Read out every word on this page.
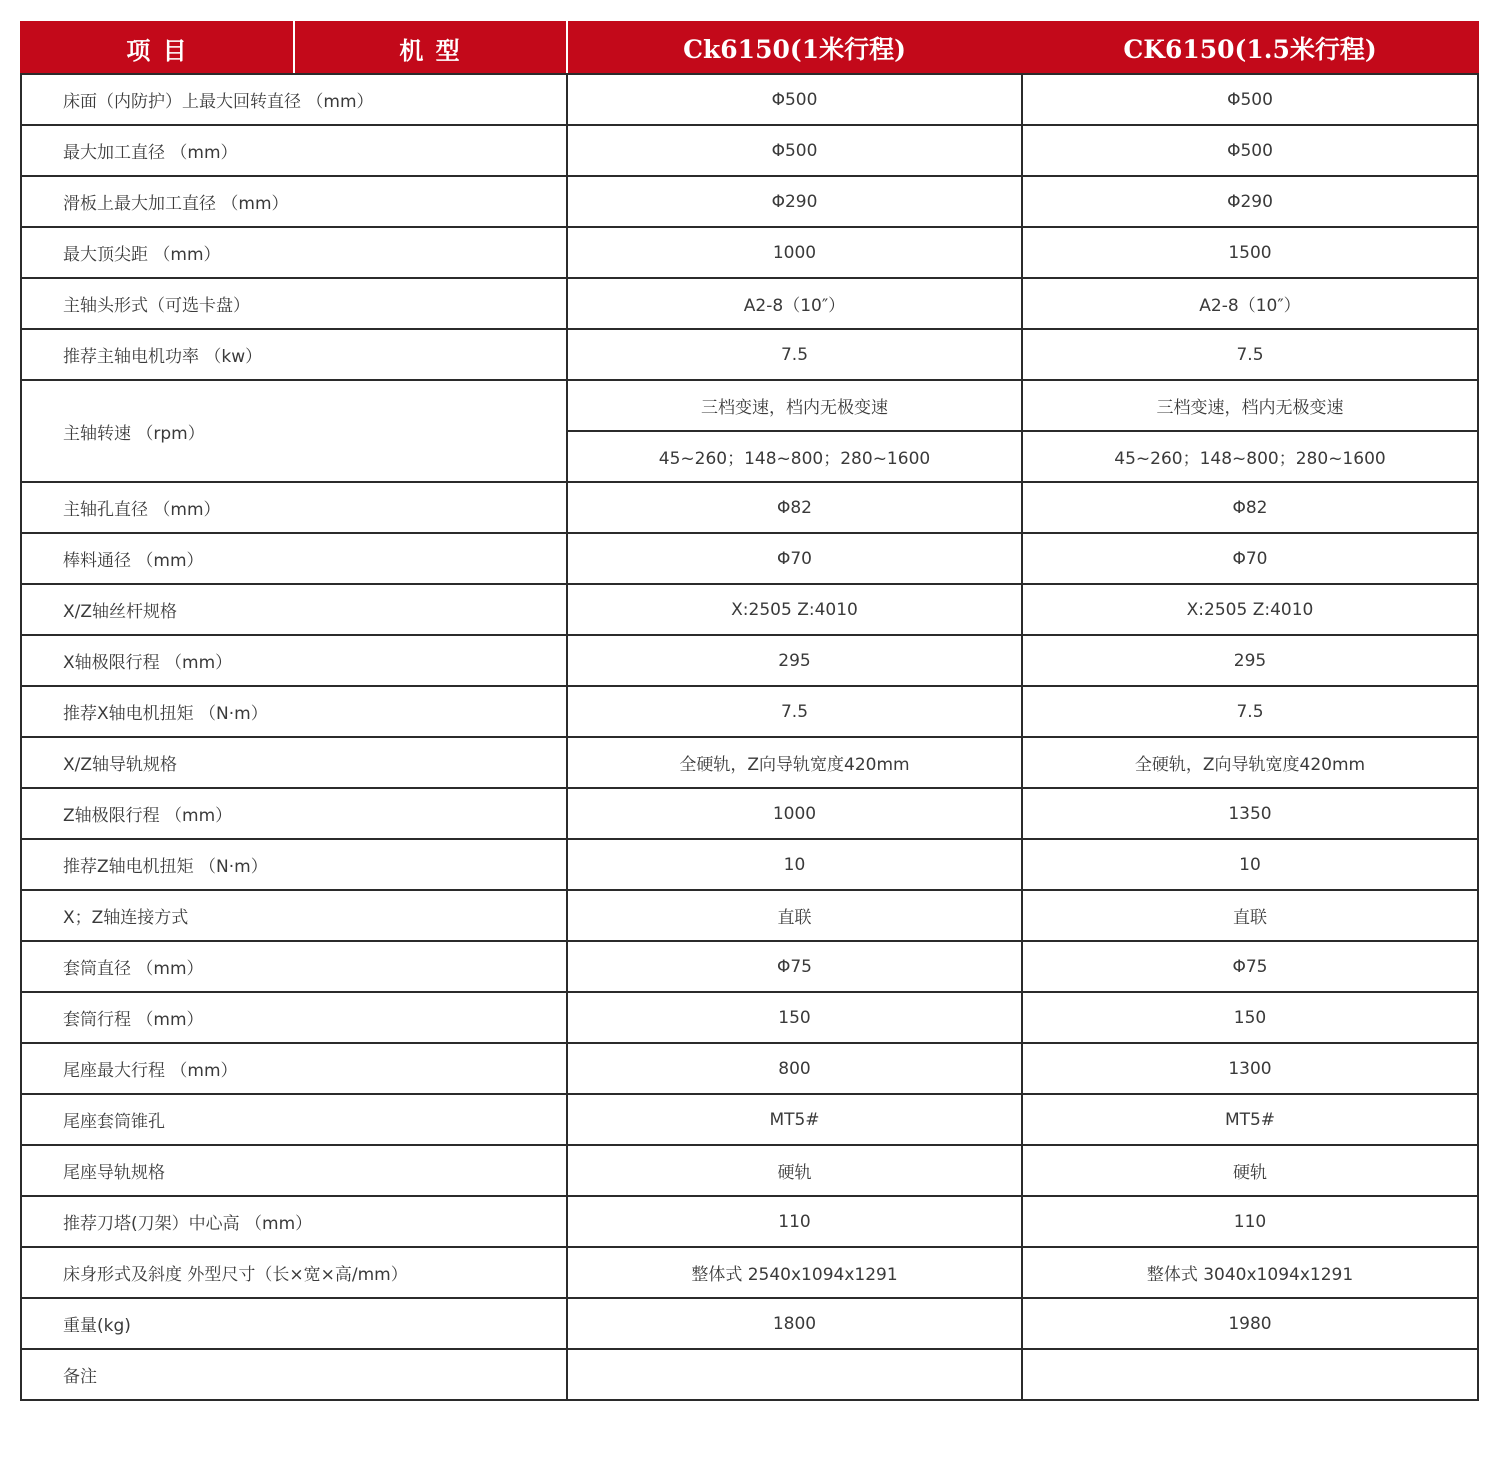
项 目	机 型	Ck6150(1米行程)	CK6150(1.5米行程)
床面（内防护）上最大回转直径 （mm）		Φ500	Φ500
最大加工直径 （mm）		Φ500	Φ500
滑板上最大加工直径 （mm）		Φ290	Φ290
最大顶尖距 （mm）		1000	1500
主轴头形式（可选卡盘）		A2-8（10″）	A2-8（10″）
推荐主轴电机功率 （kw）		7.5	7.5
主轴转速 （rpm）		三档变速，档内无极变速	三档变速，档内无极变速
		45~260；148~800；280~1600	45~260；148~800；280~1600
主轴孔直径 （mm）		Φ82	Φ82
棒料通径 （mm）		Φ70	Φ70
X/Z轴丝杆规格		X:2505 Z:4010	X:2505 Z:4010
X轴极限行程 （mm）		295	295
推荐X轴电机扭矩 （N·m）		7.5	7.5
X/Z轴导轨规格		全硬轨，Z向导轨宽度420mm	全硬轨，Z向导轨宽度420mm
Z轴极限行程 （mm）		1000	1350
推荐Z轴电机扭矩 （N·m）		10	10
X；Z轴连接方式		直联	直联
套筒直径 （mm）		Φ75	Φ75
套筒行程 （mm）		150	150
尾座最大行程 （mm）		800	1300
尾座套筒锥孔		MT5#	MT5#
尾座导轨规格		硬轨	硬轨
推荐刀塔(刀架）中心高 （mm）		110	110
床身形式及斜度 外型尺寸（长×宽×高/mm）		整体式 2540x1094x1291	整体式 3040x1094x1291
重量(kg)		1800	1980
备注			
